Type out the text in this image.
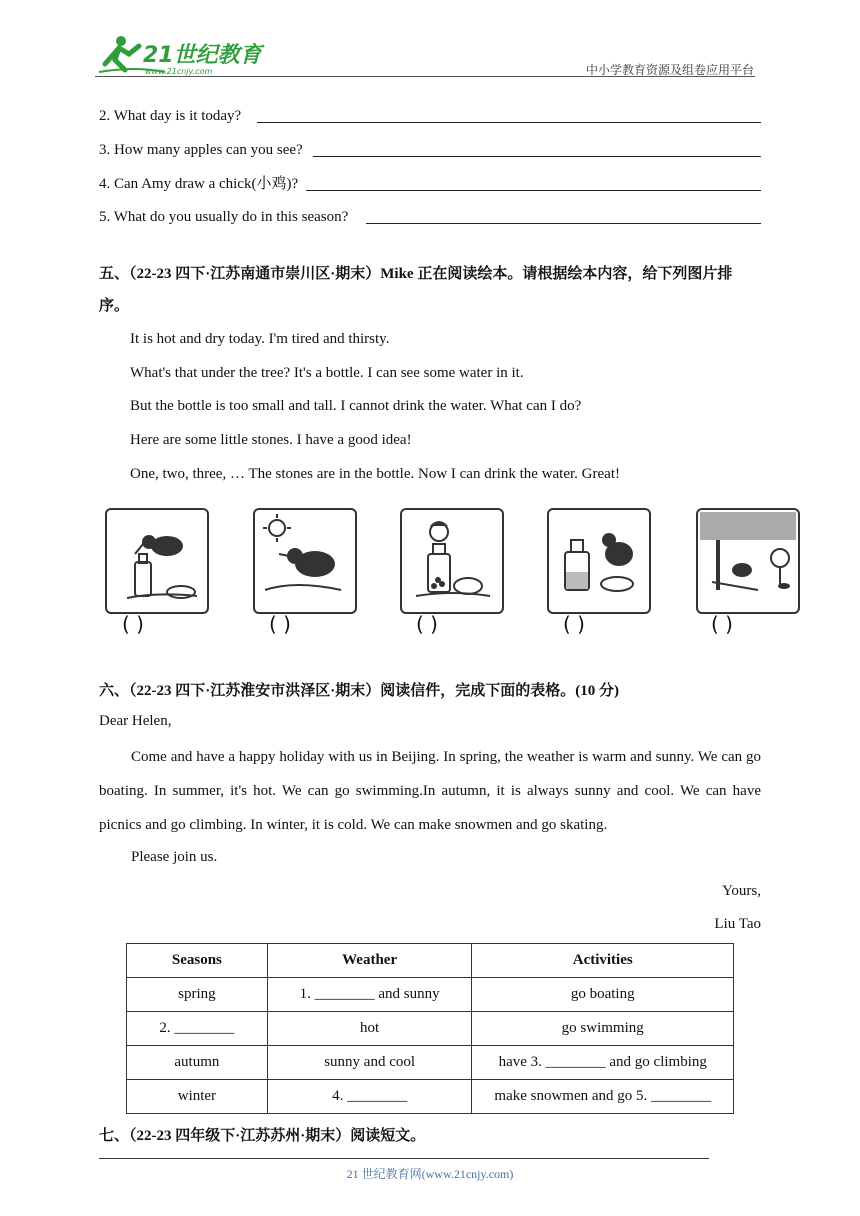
21世纪教育
www.21cnjy.com	中小学教育资源及组卷应用平台
2. What day is it today?
3. How many apples can you see?
4. Can Amy draw a chick(小鸡)?
5. What do you usually do in this season?
五、（22-23 四下·江苏南通市崇川区·期末）Mike 正在阅读绘本。请根据绘本内容，给下列图片排序。
It is hot and dry today. I'm tired and thirsty.
What's that under the tree? It's a bottle. I can see some water in it.
But the bottle is too small and tall. I cannot drink the water. What can I do?
Here are some little stones. I have a good idea!
One, two, three, … The stones are in the bottle. Now I can drink the water. Great!
( )	( )	( )	( )	( )
六、（22-23 四下·江苏淮安市洪泽区·期末）阅读信件，完成下面的表格。(10 分)
Dear Helen,
Come and have a happy holiday with us in Beijing. In spring, the weather is warm and sunny. We can go boating. In summer, it's hot. We can go swimming.In autumn, it is always sunny and cool. We can have picnics and go climbing. In winter, it is cold. We can make snowmen and go skating.
Please join us.
Yours,
Liu Tao
Seasons	Weather	Activities
spring	1. ________ and sunny	go boating
2. ________	hot	go swimming
autumn	sunny and cool	have 3. ________ and go climbing
winter	4. ________	make snowmen and go 5. ________
七、（22-23 四年级下·江苏苏州·期末）阅读短文。
21 世纪教育网(www.21cnjy.com)
